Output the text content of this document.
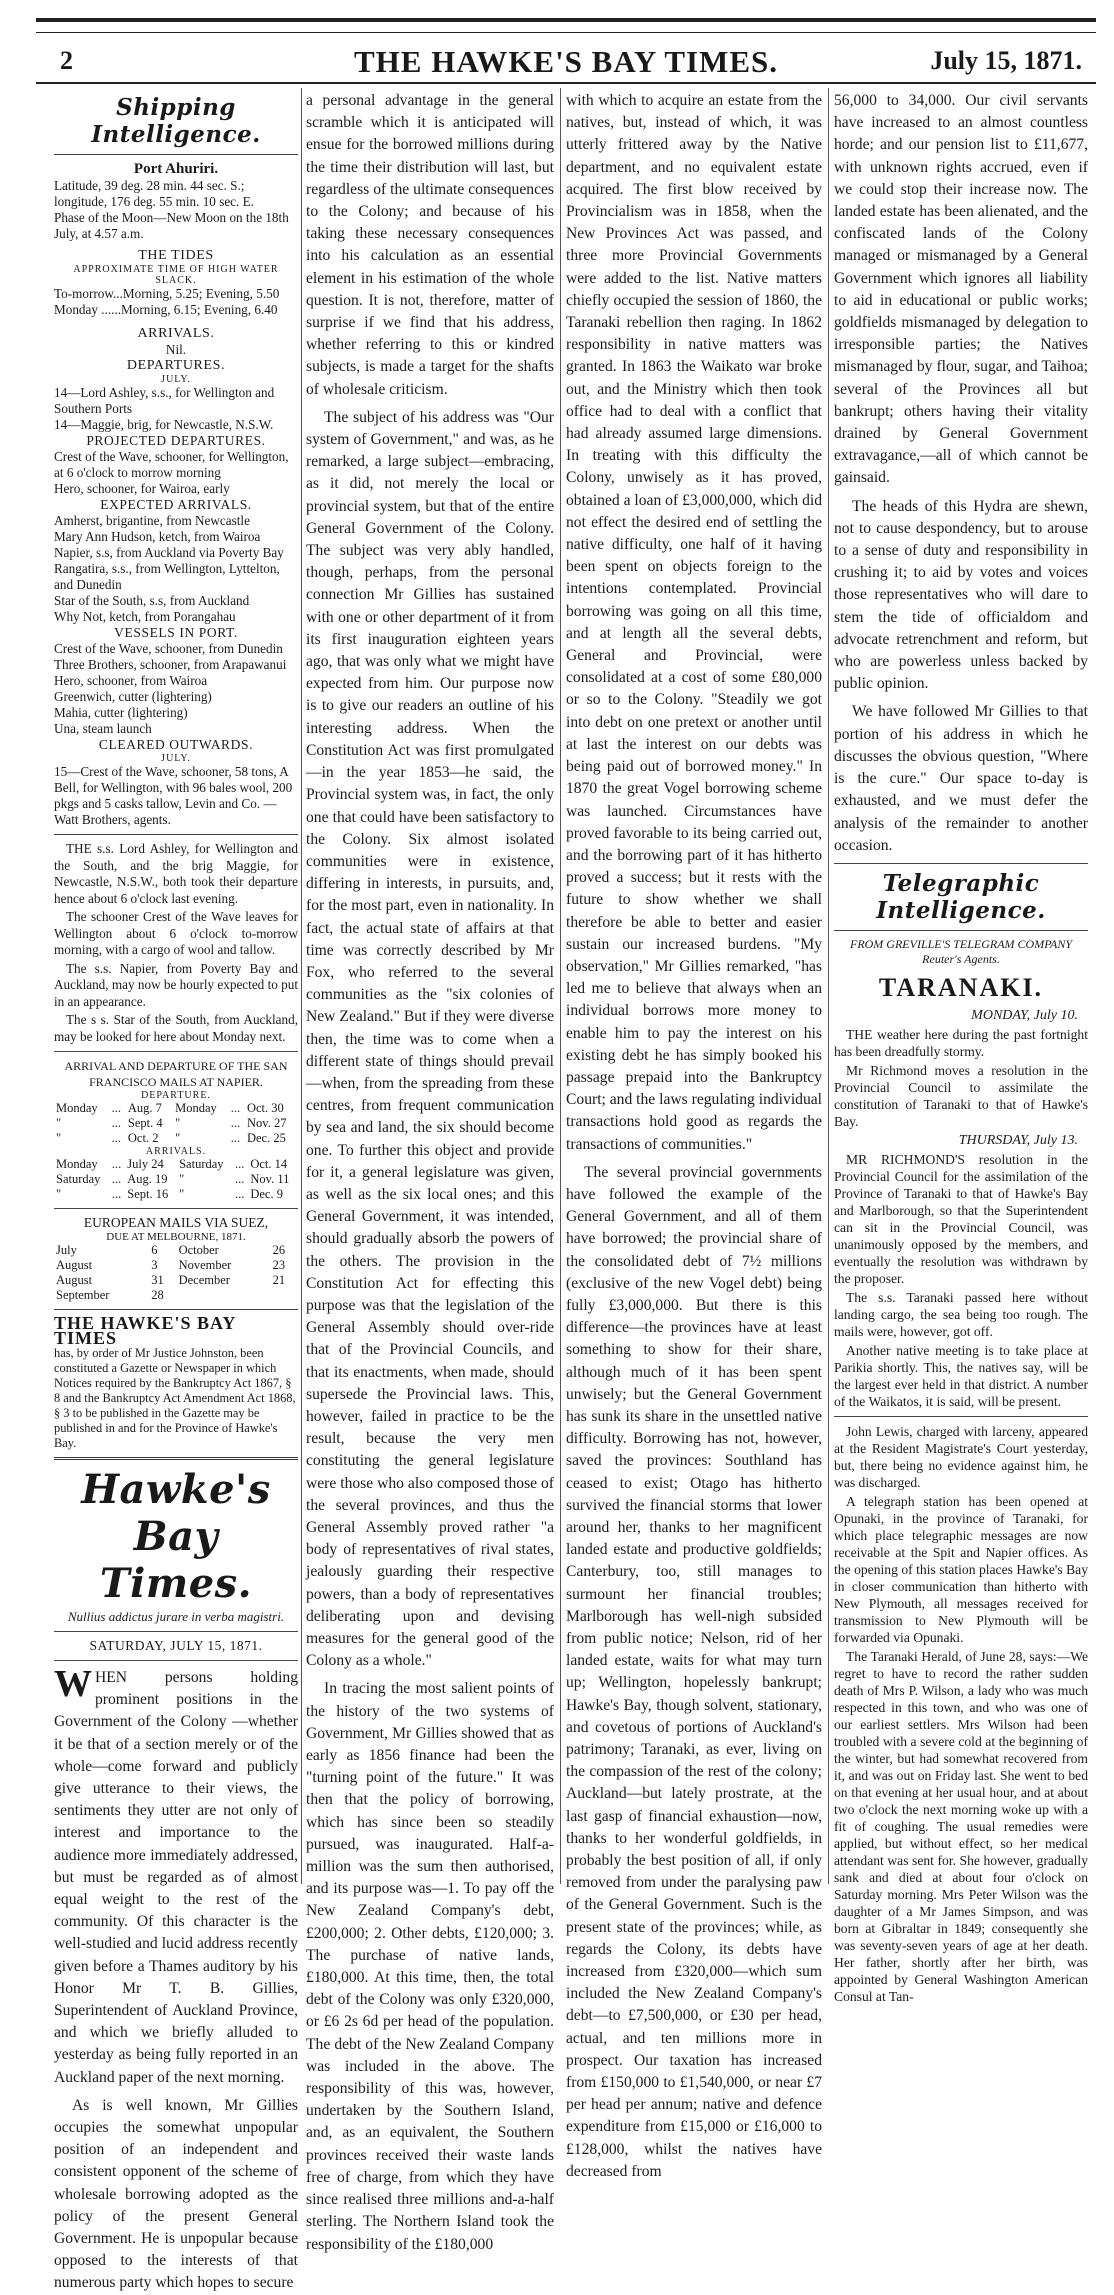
2	THE HAWKE'S BAY TIMES.	July 15, 1871.
Shipping Intelligence.

Port Ahuriri.

Latitude, 39 deg. 28 min. 44 sec. S.; longitude, 176 deg. 55 min. 10 sec. E.

Phase of the Moon—New Moon on the 18th July, at 4.57 a.m.

THE TIDES

APPROXIMATE TIME OF HIGH WATER SLACK.

To-morrow...Morning, 5.25; Evening, 5.50

Monday ......Morning, 6.15; Evening, 6.40

ARRIVALS.

Nil.

DEPARTURES.

JULY.

14—Lord Ashley, s.s., for Wellington and Southern Ports

14—Maggie, brig, for Newcastle, N.S.W.

PROJECTED DEPARTURES.

Crest of the Wave, schooner, for Wellington, at 6 o'clock to morrow morning

Hero, schooner, for Wairoa, early

EXPECTED ARRIVALS.

Amherst, brigantine, from Newcastle

Mary Ann Hudson, ketch, from Wairoa

Napier, s.s, from Auckland via Poverty Bay

Rangatira, s.s., from Wellington, Lyttelton, and Dunedin

Star of the South, s.s, from Auckland

Why Not, ketch, from Porangahau

VESSELS IN PORT.

Crest of the Wave, schooner, from Dunedin

Three Brothers, schooner, from Arapawanui

Hero, schooner, from Wairoa

Greenwich, cutter (lightering)

Mahia, cutter (lightering)

Una, steam launch

CLEARED OUTWARDS.

JULY.

15—Crest of the Wave, schooner, 58 tons, A Bell, for Wellington, with 96 bales wool, 200 pkgs and 5 casks tallow, Levin and Co. —Watt Brothers, agents.

THE s.s. Lord Ashley, for Wellington and the South, and the brig Maggie, for Newcastle, N.S.W., both took their departure hence about 6 o'clock last evening.

The schooner Crest of the Wave leaves for Wellington about 6 o'clock to-morrow morning, with a cargo of wool and tallow.

The s.s. Napier, from Poverty Bay and Auckland, may now be hourly expected to put in an appearance.

The s s. Star of the South, from Auckland, may be looked for here about Monday next.

ARRIVAL AND DEPARTURE OF THE SAN FRANCISCO MAILS AT NAPIER.

DEPARTURE.

Monday	...	Aug. 7	Monday	...	Oct. 30
"	...	Sept. 4	"	...	Nov. 27
"	...	Oct. 2	"	...	Dec. 25

ARRIVALS.

Monday	...	July 24	Saturday	...	Oct. 14
Saturday	...	Aug. 19	"	...	Nov. 11
"	...	Sept. 16	"	...	Dec. 9

EUROPEAN MAILS VIA SUEZ,

DUE AT MELBOURNE, 1871.

July	6	October	26
August	3	November	23
August	31	December	21
September	28		

THE HAWKE'S BAY TIMES

has, by order of Mr Justice Johnston, been constituted a Gazette or Newspaper in which Notices required by the Bankruptcy Act 1867, § 8 and the Bankruptcy Act Amendment Act 1868, § 3 to be published in the Gazette may be published in and for the Province of Hawke's Bay.

Hawke's Bay Times.
Nullius addictus jurare in verba magistri.
SATURDAY, JULY 15, 1871.

WHEN persons holding prominent positions in the Government of the Colony —whether it be that of a section merely or of the whole—come forward and publicly give utterance to their views, the sentiments they utter are not only of interest and importance to the audience more immediately addressed, but must be regarded as of almost equal weight to the rest of the community. Of this character is the well-studied and lucid address recently given before a Thames auditory by his Honor Mr T. B. Gillies, Superintendent of Auckland Province, and which we briefly alluded to yesterday as being fully reported in an Auckland paper of the next morning.

As is well known, Mr Gillies occupies the somewhat unpopular position of an independent and consistent opponent of the scheme of wholesale borrowing adopted as the policy of the present General Government. He is unpopular because opposed to the interests of that numerous party which hopes to secure

a personal advantage in the general scramble which it is anticipated will ensue for the borrowed millions during the time their distribution will last, but regardless of the ultimate consequences to the Colony; and because of his taking these necessary consequences into his calculation as an essential element in his estimation of the whole question. It is not, therefore, matter of surprise if we find that his address, whether referring to this or kindred subjects, is made a target for the shafts of wholesale criticism.

The subject of his address was "Our system of Government," and was, as he remarked, a large subject—embracing, as it did, not merely the local or provincial system, but that of the entire General Government of the Colony. The subject was very ably handled, though, perhaps, from the personal connection Mr Gillies has sustained with one or other department of it from its first inauguration eighteen years ago, that was only what we might have expected from him. Our purpose now is to give our readers an outline of his interesting address. When the Constitution Act was first promulgated—in the year 1853—he said, the Provincial system was, in fact, the only one that could have been satisfactory to the Colony. Six almost isolated communities were in existence, differing in interests, in pursuits, and, for the most part, even in nationality. In fact, the actual state of affairs at that time was correctly described by Mr Fox, who referred to the several communities as the "six colonies of New Zealand." But if they were diverse then, the time was to come when a different state of things should prevail—when, from the spreading from these centres, from frequent communication by sea and land, the six should become one. To further this object and provide for it, a general legislature was given, as well as the six local ones; and this General Government, it was intended, should gradually absorb the powers of the others. The provision in the Constitution Act for effecting this purpose was that the legislation of the General Assembly should over-ride that of the Provincial Councils, and that its enactments, when made, should supersede the Provincial laws. This, however, failed in practice to be the result, because the very men constituting the general legislature were those who also composed those of the several provinces, and thus the General Assembly proved rather "a body of representatives of rival states, jealously guarding their respective powers, than a body of representatives deliberating upon and devising measures for the general good of the Colony as a whole."

In tracing the most salient points of the history of the two systems of Government, Mr Gillies showed that as early as 1856 finance had been the "turning point of the future." It was then that the policy of borrowing, which has since been so steadily pursued, was inaugurated. Half-a-million was the sum then authorised, and its purpose was—1. To pay off the New Zealand Company's debt, £200,000; 2. Other debts, £120,000; 3. The purchase of native lands, £180,000. At this time, then, the total debt of the Colony was only £320,000, or £6 2s 6d per head of the population. The debt of the New Zealand Company was included in the above. The responsibility of this was, however, undertaken by the Southern Island, and, as an equivalent, the Southern provinces received their waste lands free of charge, from which they have since realised three millions and-a-half sterling. The Northern Island took the responsibility of the £180,000

with which to acquire an estate from the natives, but, instead of which, it was utterly frittered away by the Native department, and no equivalent estate acquired. The first blow received by Provincialism was in 1858, when the New Provinces Act was passed, and three more Provincial Governments were added to the list. Native matters chiefly occupied the session of 1860, the Taranaki rebellion then raging. In 1862 responsibility in native matters was granted. In 1863 the Waikato war broke out, and the Ministry which then took office had to deal with a conflict that had already assumed large dimensions. In treating with this difficulty the Colony, unwisely as it has proved, obtained a loan of £3,000,000, which did not effect the desired end of settling the native difficulty, one half of it having been spent on objects foreign to the intentions contemplated. Provincial borrowing was going on all this time, and at length all the several debts, General and Provincial, were consolidated at a cost of some £80,000 or so to the Colony. "Steadily we got into debt on one pretext or another until at last the interest on our debts was being paid out of borrowed money." In 1870 the great Vogel borrowing scheme was launched. Circumstances have proved favorable to its being carried out, and the borrowing part of it has hitherto proved a success; but it rests with the future to show whether we shall therefore be able to better and easier sustain our increased burdens. "My observation," Mr Gillies remarked, "has led me to believe that always when an individual borrows more money to enable him to pay the interest on his existing debt he has simply booked his passage prepaid into the Bankruptcy Court; and the laws regulating individual transactions hold good as regards the transactions of communities."

The several provincial governments have followed the example of the General Government, and all of them have borrowed; the provincial share of the consolidated debt of 7½ millions (exclusive of the new Vogel debt) being fully £3,000,000. But there is this difference—the provinces have at least something to show for their share, although much of it has been spent unwisely; but the General Government has sunk its share in the unsettled native difficulty. Borrowing has not, however, saved the provinces: Southland has ceased to exist; Otago has hitherto survived the financial storms that lower around her, thanks to her magnificent landed estate and productive goldfields; Canterbury, too, still manages to surmount her financial troubles; Marlborough has well-nigh subsided from public notice; Nelson, rid of her landed estate, waits for what may turn up; Wellington, hopelessly bankrupt; Hawke's Bay, though solvent, stationary, and covetous of portions of Auckland's patrimony; Taranaki, as ever, living on the compassion of the rest of the colony; Auckland—but lately prostrate, at the last gasp of financial exhaustion—now, thanks to her wonderful goldfields, in probably the best position of all, if only removed from under the paralysing paw of the General Government. Such is the present state of the provinces; while, as regards the Colony, its debts have increased from £320,000—which sum included the New Zealand Company's debt—to £7,500,000, or £30 per head, actual, and ten millions more in prospect. Our taxation has increased from £150,000 to £1,540,000, or near £7 per head per annum; native and defence expenditure from £15,000 or £16,000 to £128,000, whilst the natives have decreased from

56,000 to 34,000. Our civil servants have increased to an almost countless horde; and our pension list to £11,677, with unknown rights accrued, even if we could stop their increase now. The landed estate has been alienated, and the confiscated lands of the Colony managed or mismanaged by a General Government which ignores all liability to aid in educational or public works; goldfields mismanaged by delegation to irresponsible parties; the Natives mismanaged by flour, sugar, and Taihoa; several of the Provinces all but bankrupt; others having their vitality drained by General Government extravagance,—all of which cannot be gainsaid.

The heads of this Hydra are shewn, not to cause despondency, but to arouse to a sense of duty and responsibility in crushing it; to aid by votes and voices those representatives who will dare to stem the tide of officialdom and advocate retrenchment and reform, but who are powerless unless backed by public opinion.

We have followed Mr Gillies to that portion of his address in which he discusses the obvious question, "Where is the cure." Our space to-day is exhausted, and we must defer the analysis of the remainder to another occasion.

Telegraphic Intelligence.

FROM GREVILLE'S TELEGRAM COMPANY

Reuter's Agents.

TARANAKI.

MONDAY, July 10.

THE weather here during the past fortnight has been dreadfully stormy.

Mr Richmond moves a resolution in the Provincial Council to assimilate the constitution of Taranaki to that of Hawke's Bay.

THURSDAY, July 13.

MR RICHMOND'S resolution in the Provincial Council for the assimilation of the Province of Taranaki to that of Hawke's Bay and Marlborough, so that the Superintendent can sit in the Provincial Council, was unanimously opposed by the members, and eventually the resolution was withdrawn by the proposer.

The s.s. Taranaki passed here without landing cargo, the sea being too rough. The mails were, however, got off.

Another native meeting is to take place at Parikia shortly. This, the natives say, will be the largest ever held in that district. A number of the Waikatos, it is said, will be present.

John Lewis, charged with larceny, appeared at the Resident Magistrate's Court yesterday, but, there being no evidence against him, he was discharged.

A telegraph station has been opened at Opunaki, in the province of Taranaki, for which place telegraphic messages are now receivable at the Spit and Napier offices. As the opening of this station places Hawke's Bay in closer communication than hitherto with New Plymouth, all messages received for transmission to New Plymouth will be forwarded via Opunaki.

The Taranaki Herald, of June 28, says:—We regret to have to record the rather sudden death of Mrs P. Wilson, a lady who was much respected in this town, and who was one of our earliest settlers. Mrs Wilson had been troubled with a severe cold at the beginning of the winter, but had somewhat recovered from it, and was out on Friday last. She went to bed on that evening at her usual hour, and at about two o'clock the next morning woke up with a fit of coughing. The usual remedies were applied, but without effect, so her medical attendant was sent for. She however, gradually sank and died at about four o'clock on Saturday morning. Mrs Peter Wilson was the daughter of a Mr James Simpson, and was born at Gibraltar in 1849; consequently she was seventy-seven years of age at her death. Her father, shortly after her birth, was appointed by General Washington American Consul at Tan-
